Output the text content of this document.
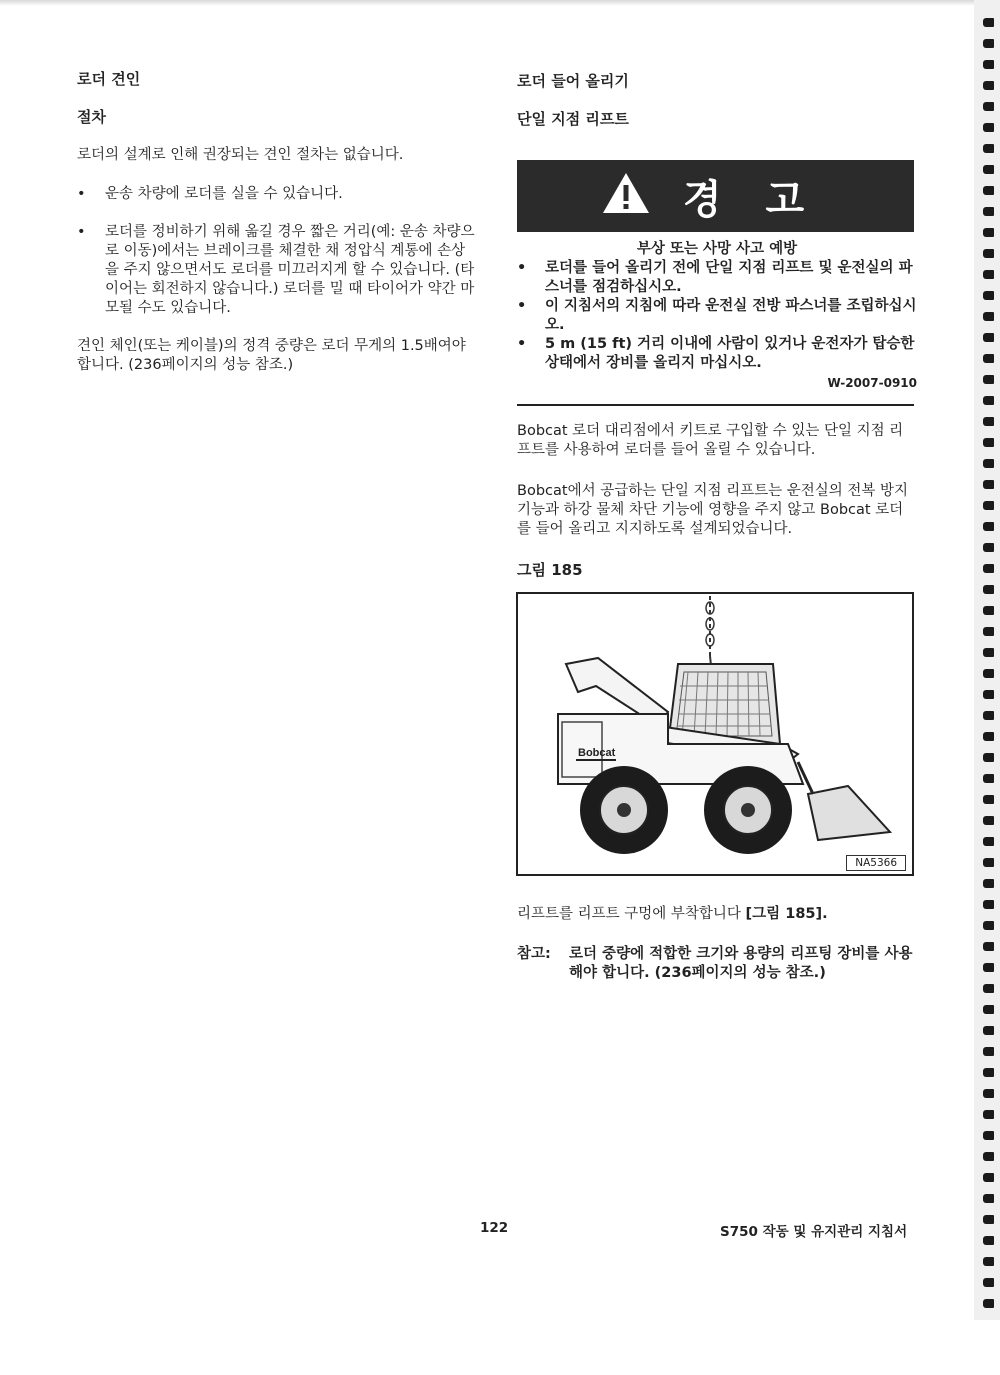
로더 견인
절차

로더의 설계로 인해 권장되는 견인 절차는 없습니다.

• 운송 차량에 로더를 실을 수 있습니다.
• 로더를 정비하기 위해 옮길 경우 짧은 거리(예: 운송 차량으로 이동)에서는 브레이크를 체결한 채 정압식 계통에 손상을 주지 않으면서도 로더를 미끄러지게 할 수 있습니다. (타이어는 회전하지 않습니다.) 로더를 밀 때 타이어가 약간 마모될 수도 있습니다.

견인 체인(또는 케이블)의 정격 중량은 로더 무게의 1.5배여야 합니다. (236페이지의 성능 참조.)

로더 들어 올리기
단일 지점 리프트
경고
부상 또는 사망 사고 예방
• 로더를 들어 올리기 전에 단일 지점 리프트 및 운전실의 파스너를 점검하십시오.
• 이 지침서의 지침에 따라 운전실 전방 파스너를 조립하십시오.
• 5 m (15 ft) 거리 이내에 사람이 있거나 운전자가 탑승한 상태에서 장비를 올리지 마십시오.
W-2007-0910

Bobcat 로더 대리점에서 키트로 구입할 수 있는 단일 지점 리프트를 사용하여 로더를 들어 올릴 수 있습니다.

Bobcat에서 공급하는 단일 지점 리프트는 운전실의 전복 방지 기능과 하강 물체 차단 기능에 영향을 주지 않고 Bobcat 로더를 들어 올리고 지지하도록 설계되었습니다.

그림 185
Bobcat
NA5366
리프트를 리프트 구멍에 부착합니다 [그림 185].
참고: 로더 중량에 적합한 크기와 용량의 리프팅 장비를 사용해야 합니다. (236페이지의 성능 참조.)

122	S750 작동 및 유지관리 지침서
